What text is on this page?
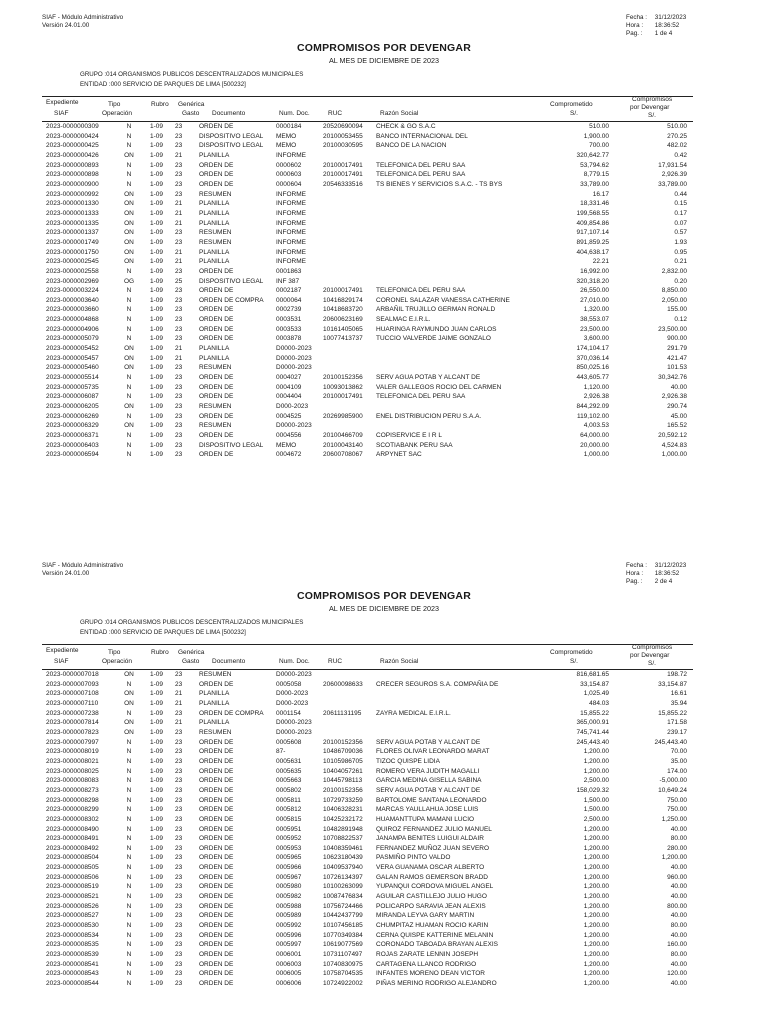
SIAF - Módulo Administrativo
Versión 24.01.00
Fecha : 31/12/2023
Hora : 18:36:52
Pag. : 1 de 4
COMPROMISOS POR DEVENGAR
AL MES DE DICIEMBRE DE 2023
GRUPO :014 ORGANISMOS PUBLICOS DESCENTRALIZADOS MUNICIPALES
ENTIDAD :000 SERVICIO DE PARQUES DE LIMA [500232]
Expediente
SIAF
Tipo
Operación
Rubro Genérica
Gasto Documento	Num. Doc.	RUC	Razón Social
Comprometido
S/.
Compromisos
por Devengar
S/.
2023-0000000309	N	1-09	23	ORDEN DE	0000184	20520690094	CHECK & GO S.A.C	510.00	510.00
2023-0000000424	N	1-09	23	DISPOSITIVO LEGAL	MEMO	20100053455	BANCO INTERNACIONAL DEL	1,900.00	270.25
2023-0000000425	N	1-09	23	DISPOSITIVO LEGAL	MEMO	20100030595	BANCO DE LA NACION	700.00	482.02
2023-0000000426	ON	1-09	21	PLANILLA	INFORME	320,642.77	0.42
2023-0000000893	N	1-09	23	ORDEN DE	0000602	20100017491	TELEFONICA DEL PERU SAA	53,794.62	17,931.54
2023-0000000898	N	1-09	23	ORDEN DE	0000603	20100017491	TELEFONICA DEL PERU SAA	8,779.15	2,926.39
2023-0000000900	N	1-09	23	ORDEN DE	0000604	20546333516	TS BIENES Y SERVICIOS S.A.C. - TS BYS	33,789.00	33,789.00
2023-0000000992	ON	1-09	23	RESUMEN	INFORME	16.17	0.44
2023-0000001330	ON	1-09	21	PLANILLA	INFORME	18,331.46	0.15
2023-0000001333	ON	1-09	21	PLANILLA	INFORME	199,568.55	0.17
2023-0000001335	ON	1-09	21	PLANILLA	INFORME	409,854.86	0.07
2023-0000001337	ON	1-09	23	RESUMEN	INFORME	917,107.14	0.57
2023-0000001749	ON	1-09	23	RESUMEN	INFORME	891,859.25	1.93
2023-0000001750	ON	1-09	21	PLANILLA	INFORME	404,638.17	0.95
2023-0000002545	ON	1-09	21	PLANILLA	INFORME	22.21	0.21
2023-0000002558	N	1-09	23	ORDEN DE	0001863	16,992.00	2,832.00
2023-0000002969	OG 1-09	25	DISPOSITIVO LEGAL	INF 387	320,318.20	0.20
2023-0000003224	N	1-09	23	ORDEN DE	0002187	20100017491	TELEFONICA DEL PERU SAA	26,550.00	8,850.00
2023-0000003640	N	1-09	23	ORDEN DE COMPRA	0000064	10416829174	CORONEL SALAZAR VANESSA CATHERINE	27,010.00	2,050.00
2023-0000003660	N	1-09	23	ORDEN DE	0002739	10418683720	ARBAÑIL TRUJILLO GERMAN RONALD	1,320.00	155.00
2023-0000004868	N	1-09	23	ORDEN DE	0003531	20600623169	SEALMAC E.I.R.L.	38,553.07	0.12
2023-0000004906	N	1-09	23	ORDEN DE	0003533	10161405065	HUARINGA RAYMUNDO JUAN CARLOS	23,500.00	23,500.00
2023-0000005079	N	1-09	23	ORDEN DE	0003878	10077413737	TUCCIO VALVERDE JAIME GONZALO	3,600.00	900.00
2023-0000005452	ON	1-09	21	PLANILLA	D0000-2023	174,104.17	291.79
2023-0000005457	ON	1-09	21	PLANILLA	D0000-2023	370,036.14	421.47
2023-0000005460	ON	1-09	23	RESUMEN	D0000-2023	850,025.16	101.53
2023-0000005514	N	1-09	23	ORDEN DE	0004027	20100152356	SERV AGUA POTAB Y ALCANT DE	443,605.77	30,342.76
2023-0000005735	N	1-09	23	ORDEN DE	0004109	10093013862	VALER GALLEGOS ROCIO DEL CARMEN	1,120.00	40.00
2023-0000006087	N	1-09	23	ORDEN DE	0004404	20100017491	TELEFONICA DEL PERU SAA	2,926.38	2,926.38
2023-0000006205	ON	1-09	23	RESUMEN	D000-2023	844,292.09	290.74
2023-0000006269	N	1-09	23	ORDEN DE	0004525	20269985900	ENEL DISTRIBUCION PERU S.A.A.	119,102.00	45.00
2023-0000006329	ON	1-09	23	RESUMEN	D0000-2023	4,003.53	165.52
2023-0000006371	N	1-09	23	ORDEN DE	0004556	20100466709	COPISERVICE E I R L	64,000.00	20,592.12
2023-0000006403	N	1-09	23	DISPOSITIVO LEGAL	MEMO	20100043140	SCOTIABANK PERU SAA	20,000.00	4,524.83
2023-0000006594	N	1-09	23	ORDEN DE	0004672	20600708067	ARPYNET SAC	1,000.00	1,000.00
SIAF - Módulo Administrativo
Versión 24.01.00
Fecha : 31/12/2023
Hora : 18:36:52
Pag. : 2 de 4
COMPROMISOS POR DEVENGAR
AL MES DE DICIEMBRE DE 2023
GRUPO :014 ORGANISMOS PUBLICOS DESCENTRALIZADOS MUNICIPALES
ENTIDAD :000 SERVICIO DE PARQUES DE LIMA [500232]
Expediente
SIAF
Tipo
Operación
Rubro Genérica
Gasto Documento	Num. Doc.	RUC	Razón Social
Comprometido
S/.
Compromisos
por Devengar
S/.
2023-0000007018	ON	1-09	23	RESUMEN	D0000-2023	816,681.65	198.72
2023-0000007093	N	1-09	23	ORDEN DE	0005058	20600098633	CRECER SEGUROS S.A. COMPAÑIA DE	33,154.87	33,154.87
2023-0000007108	ON	1-09	21	PLANILLA	D000-2023	1,025.49	16.61
2023-0000007110	ON	1-09	21	PLANILLA	D000-2023	484.03	35.94
2023-0000007238	N	1-09	23	ORDEN DE COMPRA	0001154	20611131195	ZAYRA MEDICAL E.I.R.L.	15,855.22	15,855.22
2023-0000007814	ON	1-09	21	PLANILLA	D0000-2023	365,000.91	171.58
2023-0000007823	ON	1-09	23	RESUMEN	D0000-2023	745,741.44	239.17
2023-0000007997	N	1-09	23	ORDEN DE	0005608	20100152356	SERV AGUA POTAB Y ALCANT DE	245,443.40	245,443.40
2023-0000008019	N	1-09	23	ORDEN DE	87-	10486709036	FLORES OLIVAR LEONARDO MARAT	1,200.00	70.00
2023-0000008021	N	1-09	23	ORDEN DE	0005631	10105986705	TIZOC QUISPE LIDIA	1,200.00	35.00
2023-0000008025	N	1-09	23	ORDEN DE	0005635	10404057261	ROMERO VERA JUDITH MAGALLI	1,200.00	174.00
2023-0000008083	N	1-09	23	ORDEN DE	0005663	10445798113	GARCIA MEDINA GISELLA SABINA	2,500.00	-5,000.00
2023-0000008273	N	1-09	23	ORDEN DE	0005802	20100152356	SERV AGUA POTAB Y ALCANT DE	158,029.32	10,649.24
2023-0000008298	N	1-09	23	ORDEN DE	0005811	10729733259	BARTOLOME SANTANA LEONARDO	1,500.00	750.00
2023-0000008299	N	1-09	23	ORDEN DE	0005812	10406328231	MARCAS YAULLAHUA JOSE LUIS	1,500.00	750.00
2023-0000008302	N	1-09	23	ORDEN DE	0005815	10425232172	HUAMANTTUPA MAMANI LUCIO	2,500.00	1,250.00
2023-0000008490	N	1-09	23	ORDEN DE	0005951	10482891948	QUIROZ FERNANDEZ JULIO MANUEL	1,200.00	40.00
2023-0000008491	N	1-09	23	ORDEN DE	0005952	10708822537	JANAMPA BENITES LUIGUI ALDAIR	1,200.00	80.00
2023-0000008492	N	1-09	23	ORDEN DE	0005953	10408359461	FERNANDEZ MUÑOZ JUAN SEVERO	1,200.00	280.00
2023-0000008504	N	1-09	23	ORDEN DE	0005965	10623180439	PASMIÑO PINTO VALDO	1,200.00	1,200.00
2023-0000008505	N	1-09	23	ORDEN DE	0005966	10409537940	VERA GUANAMA OSCAR ALBERTO	1,200.00	40.00
2023-0000008506	N	1-09	23	ORDEN DE	0005967	10726134397	GALAN RAMOS GEMERSON BRADD	1,200.00	960.00
2023-0000008519	N	1-09	23	ORDEN DE	0005980	10100263099	YUPANQUI CORDOVA MIGUEL ANGEL	1,200.00	40.00
2023-0000008521	N	1-09	23	ORDEN DE	0005982	10087476834	AGUILAR CASTILLEJO JULIO HUGO	1,200.00	40.00
2023-0000008526	N	1-09	23	ORDEN DE	0005988	10756724466	POLICARPO SARAVIA JEAN ALEXIS	1,200.00	800.00
2023-0000008527	N	1-09	23	ORDEN DE	0005989	10442437799	MIRANDA LEYVA GARY MARTIN	1,200.00	40.00
2023-0000008530	N	1-09	23	ORDEN DE	0005992	10107456185	CHUMPITAZ HUAMAN ROCIO KARIN	1,200.00	80.00
2023-0000008534	N	1-09	23	ORDEN DE	0005996	10770349384	CERNA QUISPE KATTERINE MELANIN	1,200.00	40.00
2023-0000008535	N	1-09	23	ORDEN DE	0005997	10619077569	CORONADO TABOADA BRAYAN ALEXIS	1,200.00	160.00
2023-0000008539	N	1-09	23	ORDEN DE	0006001	10731107497	ROJAS ZARATE LENNIN JOSEPH	1,200.00	80.00
2023-0000008541	N	1-09	23	ORDEN DE	0006003	10740830975	CARTAGENA LLANCO RODRIGO	1,200.00	40.00
2023-0000008543	N	1-09	23	ORDEN DE	0006005	10758704535	INFANTES MORENO DEAN VICTOR	1,200.00	120.00
2023-0000008544	N	1-09	23	ORDEN DE	0006006	10724922002	PIÑAS MERINO RODRIGO ALEJANDRO	1,200.00	40.00
